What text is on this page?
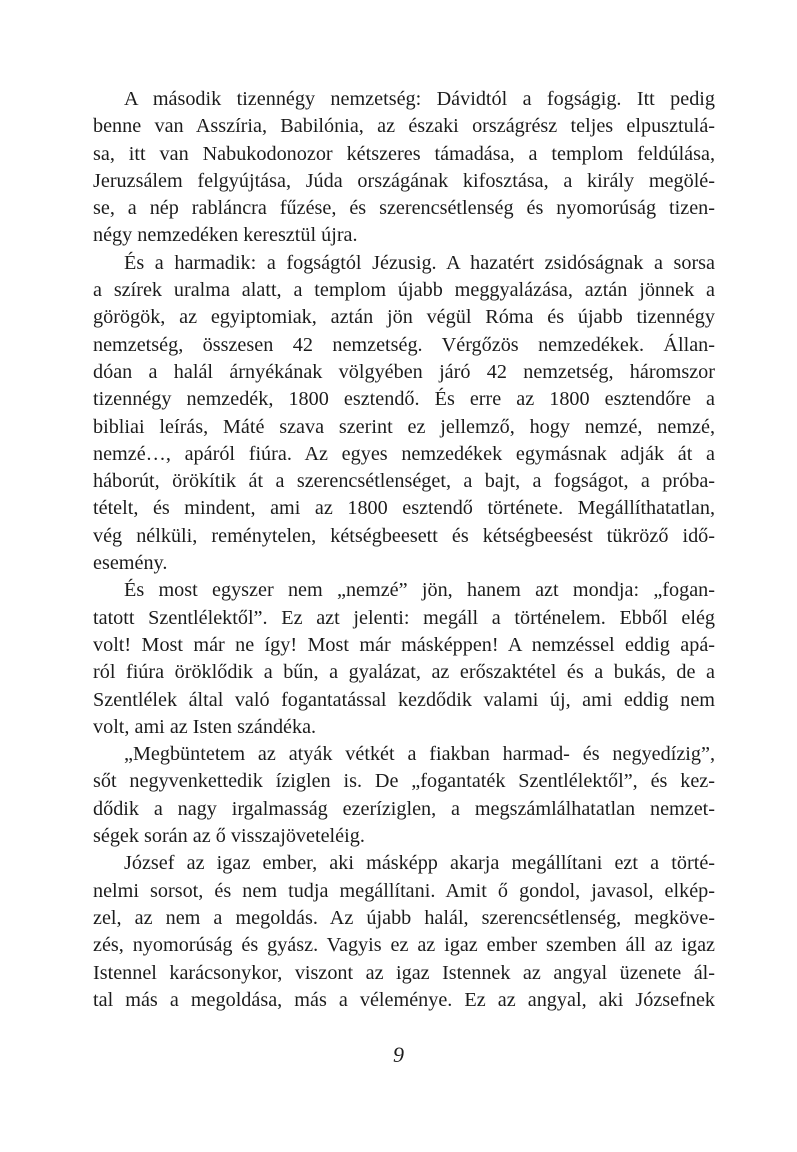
A második tizennégy nemzetség: Dávidtól a fogságig. Itt pedig
benne van Asszíria, Babilónia, az északi országrész teljes elpusztulá-
sa, itt van Nabukodonozor kétszeres támadása, a templom feldúlása,
Jeruzsálem felgyújtása, Júda országának kifosztása, a király megölé-
se, a nép rabláncra fűzése, és szerencsétlenség és nyomorúság tizen-
négy nemzedéken keresztül újra.
És a harmadik: a fogságtól Jézusig. A hazatért zsidóságnak a sorsa
a szírek uralma alatt, a templom újabb meggyalázása, aztán jönnek a
görögök, az egyiptomiak, aztán jön végül Róma és újabb tizennégy
nemzetség, összesen 42 nemzetség. Vérgőzös nemzedékek. Állan-
dóan a halál árnyékának völgyében járó 42 nemzetség, háromszor
tizennégy nemzedék, 1800 esztendő. És erre az 1800 esztendőre a
bibliai leírás, Máté szava szerint ez jellemző, hogy nemzé, nemzé,
nemzé…, apáról fiúra. Az egyes nemzedékek egymásnak adják át a
háborút, örökítik át a szerencsétlenséget, a bajt, a fogságot, a próba-
tételt, és mindent, ami az 1800 esztendő története. Megállíthatatlan,
vég nélküli, reménytelen, kétségbeesett és kétségbeesést tükröző idő-
esemény.
És most egyszer nem „nemzé” jön, hanem azt mondja: „fogan-
tatott Szentlélektől”. Ez azt jelenti: megáll a történelem. Ebből elég
volt! Most már ne így! Most már másképpen! A nemzéssel eddig apá-
ról fiúra öröklődik a bűn, a gyalázat, az erőszaktétel és a bukás, de a
Szentlélek által való fogantatással kezdődik valami új, ami eddig nem
volt, ami az Isten szándéka.
„Megbüntetem az atyák vétkét a fiakban harmad- és negyedízig”,
sőt negyvenkettedik íziglen is. De „fogantaték Szentlélektől”, és kez-
dődik a nagy irgalmasság ezeríziglen, a megszámlálhatatlan nemzet-
ségek során az ő visszajöveteléig.
József az igaz ember, aki másképp akarja megállítani ezt a törté-
nelmi sorsot, és nem tudja megállítani. Amit ő gondol, javasol, elkép-
zel, az nem a megoldás. Az újabb halál, szerencsétlenség, megköve-
zés, nyomorúság és gyász. Vagyis ez az igaz ember szemben áll az igaz
Istennel karácsonykor, viszont az igaz Istennek az angyal üzenete ál-
tal más a megoldása, más a véleménye. Ez az angyal, aki Józsefnek
9
